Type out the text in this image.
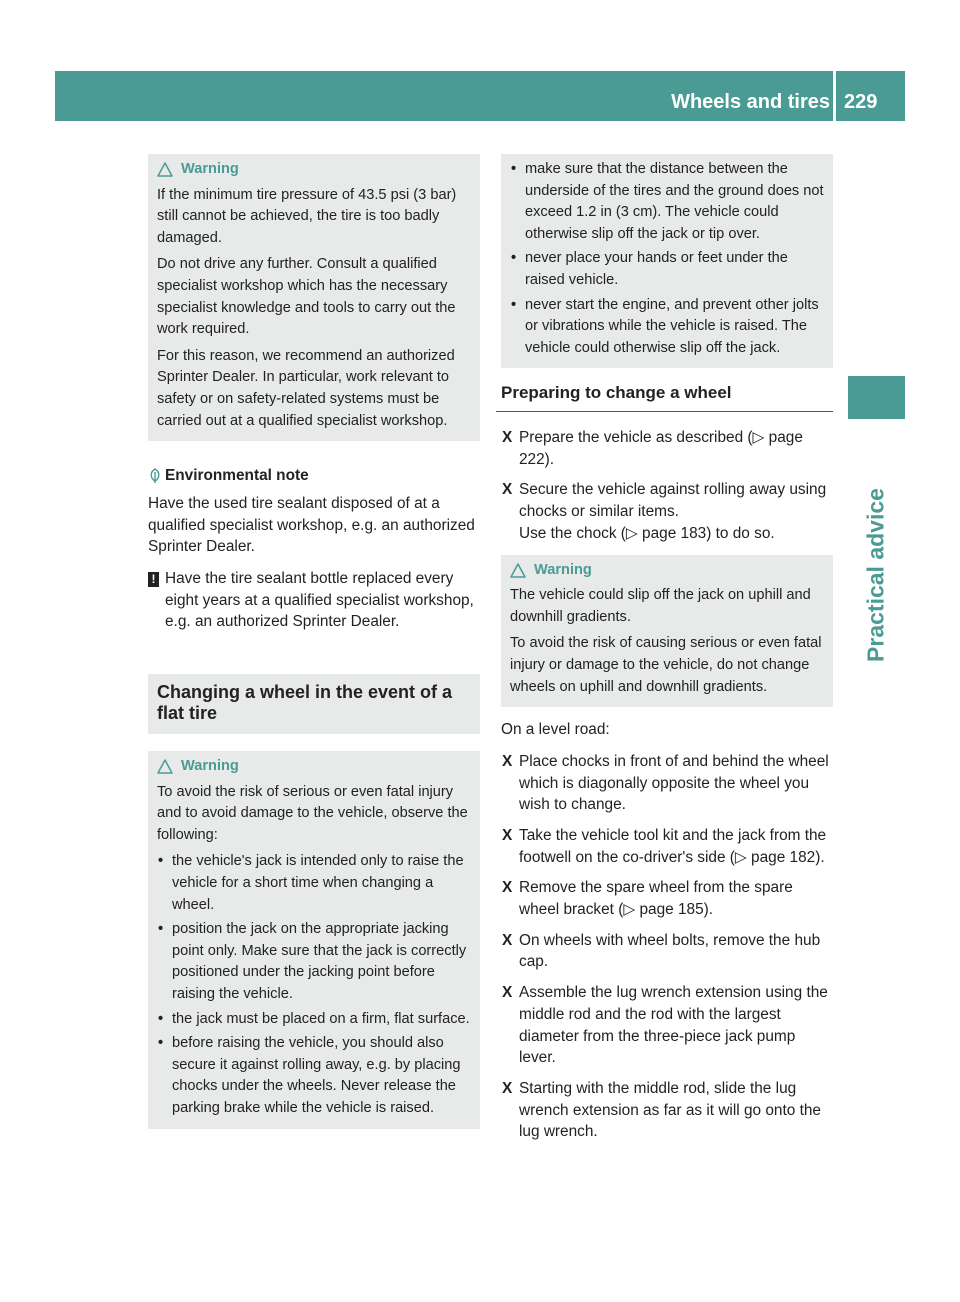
Wheels and tires 229
Practical advice
Warning

If the minimum tire pressure of 43.5 psi (3 bar) still cannot be achieved, the tire is too badly damaged.

Do not drive any further. Consult a qualified specialist workshop which has the necessary specialist knowledge and tools to carry out the work required.

For this reason, we recommend an authorized Sprinter Dealer. In particular, work relevant to safety or on safety-related systems must be carried out at a qualified specialist workshop.

Environmental note

Have the used tire sealant disposed of at a qualified specialist workshop, e.g. an authorized Sprinter Dealer.

! Have the tire sealant bottle replaced every eight years at a qualified specialist workshop, e.g. an authorized Sprinter Dealer.
Changing a wheel in the event of a flat tire
Warning

To avoid the risk of serious or even fatal injury and to avoid damage to the vehicle, observe the following:

• the vehicle's jack is intended only to raise the vehicle for a short time when changing a wheel.
• position the jack on the appropriate jacking point only. Make sure that the jack is correctly positioned under the jacking point before raising the vehicle.
• the jack must be placed on a firm, flat surface.
• before raising the vehicle, you should also secure it against rolling away, e.g. by placing chocks under the wheels. Never release the parking brake while the vehicle is raised.
• make sure that the distance between the underside of the tires and the ground does not exceed 1.2 in (3 cm). The vehicle could otherwise slip off the jack or tip over.
• never place your hands or feet under the raised vehicle.
• never start the engine, and prevent other jolts or vibrations while the vehicle is raised. The vehicle could otherwise slip off the jack.
Preparing to change a wheel
X Prepare the vehicle as described (▷ page 222).
X Secure the vehicle against rolling away using chocks or similar items.
Use the chock (▷ page 183) to do so.
Warning

The vehicle could slip off the jack on uphill and downhill gradients.

To avoid the risk of causing serious or even fatal injury or damage to the vehicle, do not change wheels on uphill and downhill gradients.

On a level road:

X Place chocks in front of and behind the wheel which is diagonally opposite the wheel you wish to change.
X Take the vehicle tool kit and the jack from the footwell on the co-driver's side (▷ page 182).
X Remove the spare wheel from the spare wheel bracket (▷ page 185).
X On wheels with wheel bolts, remove the hub cap.
X Assemble the lug wrench extension using the middle rod and the rod with the largest diameter from the three-piece jack pump lever.
X Starting with the middle rod, slide the lug wrench extension as far as it will go onto the lug wrench.
